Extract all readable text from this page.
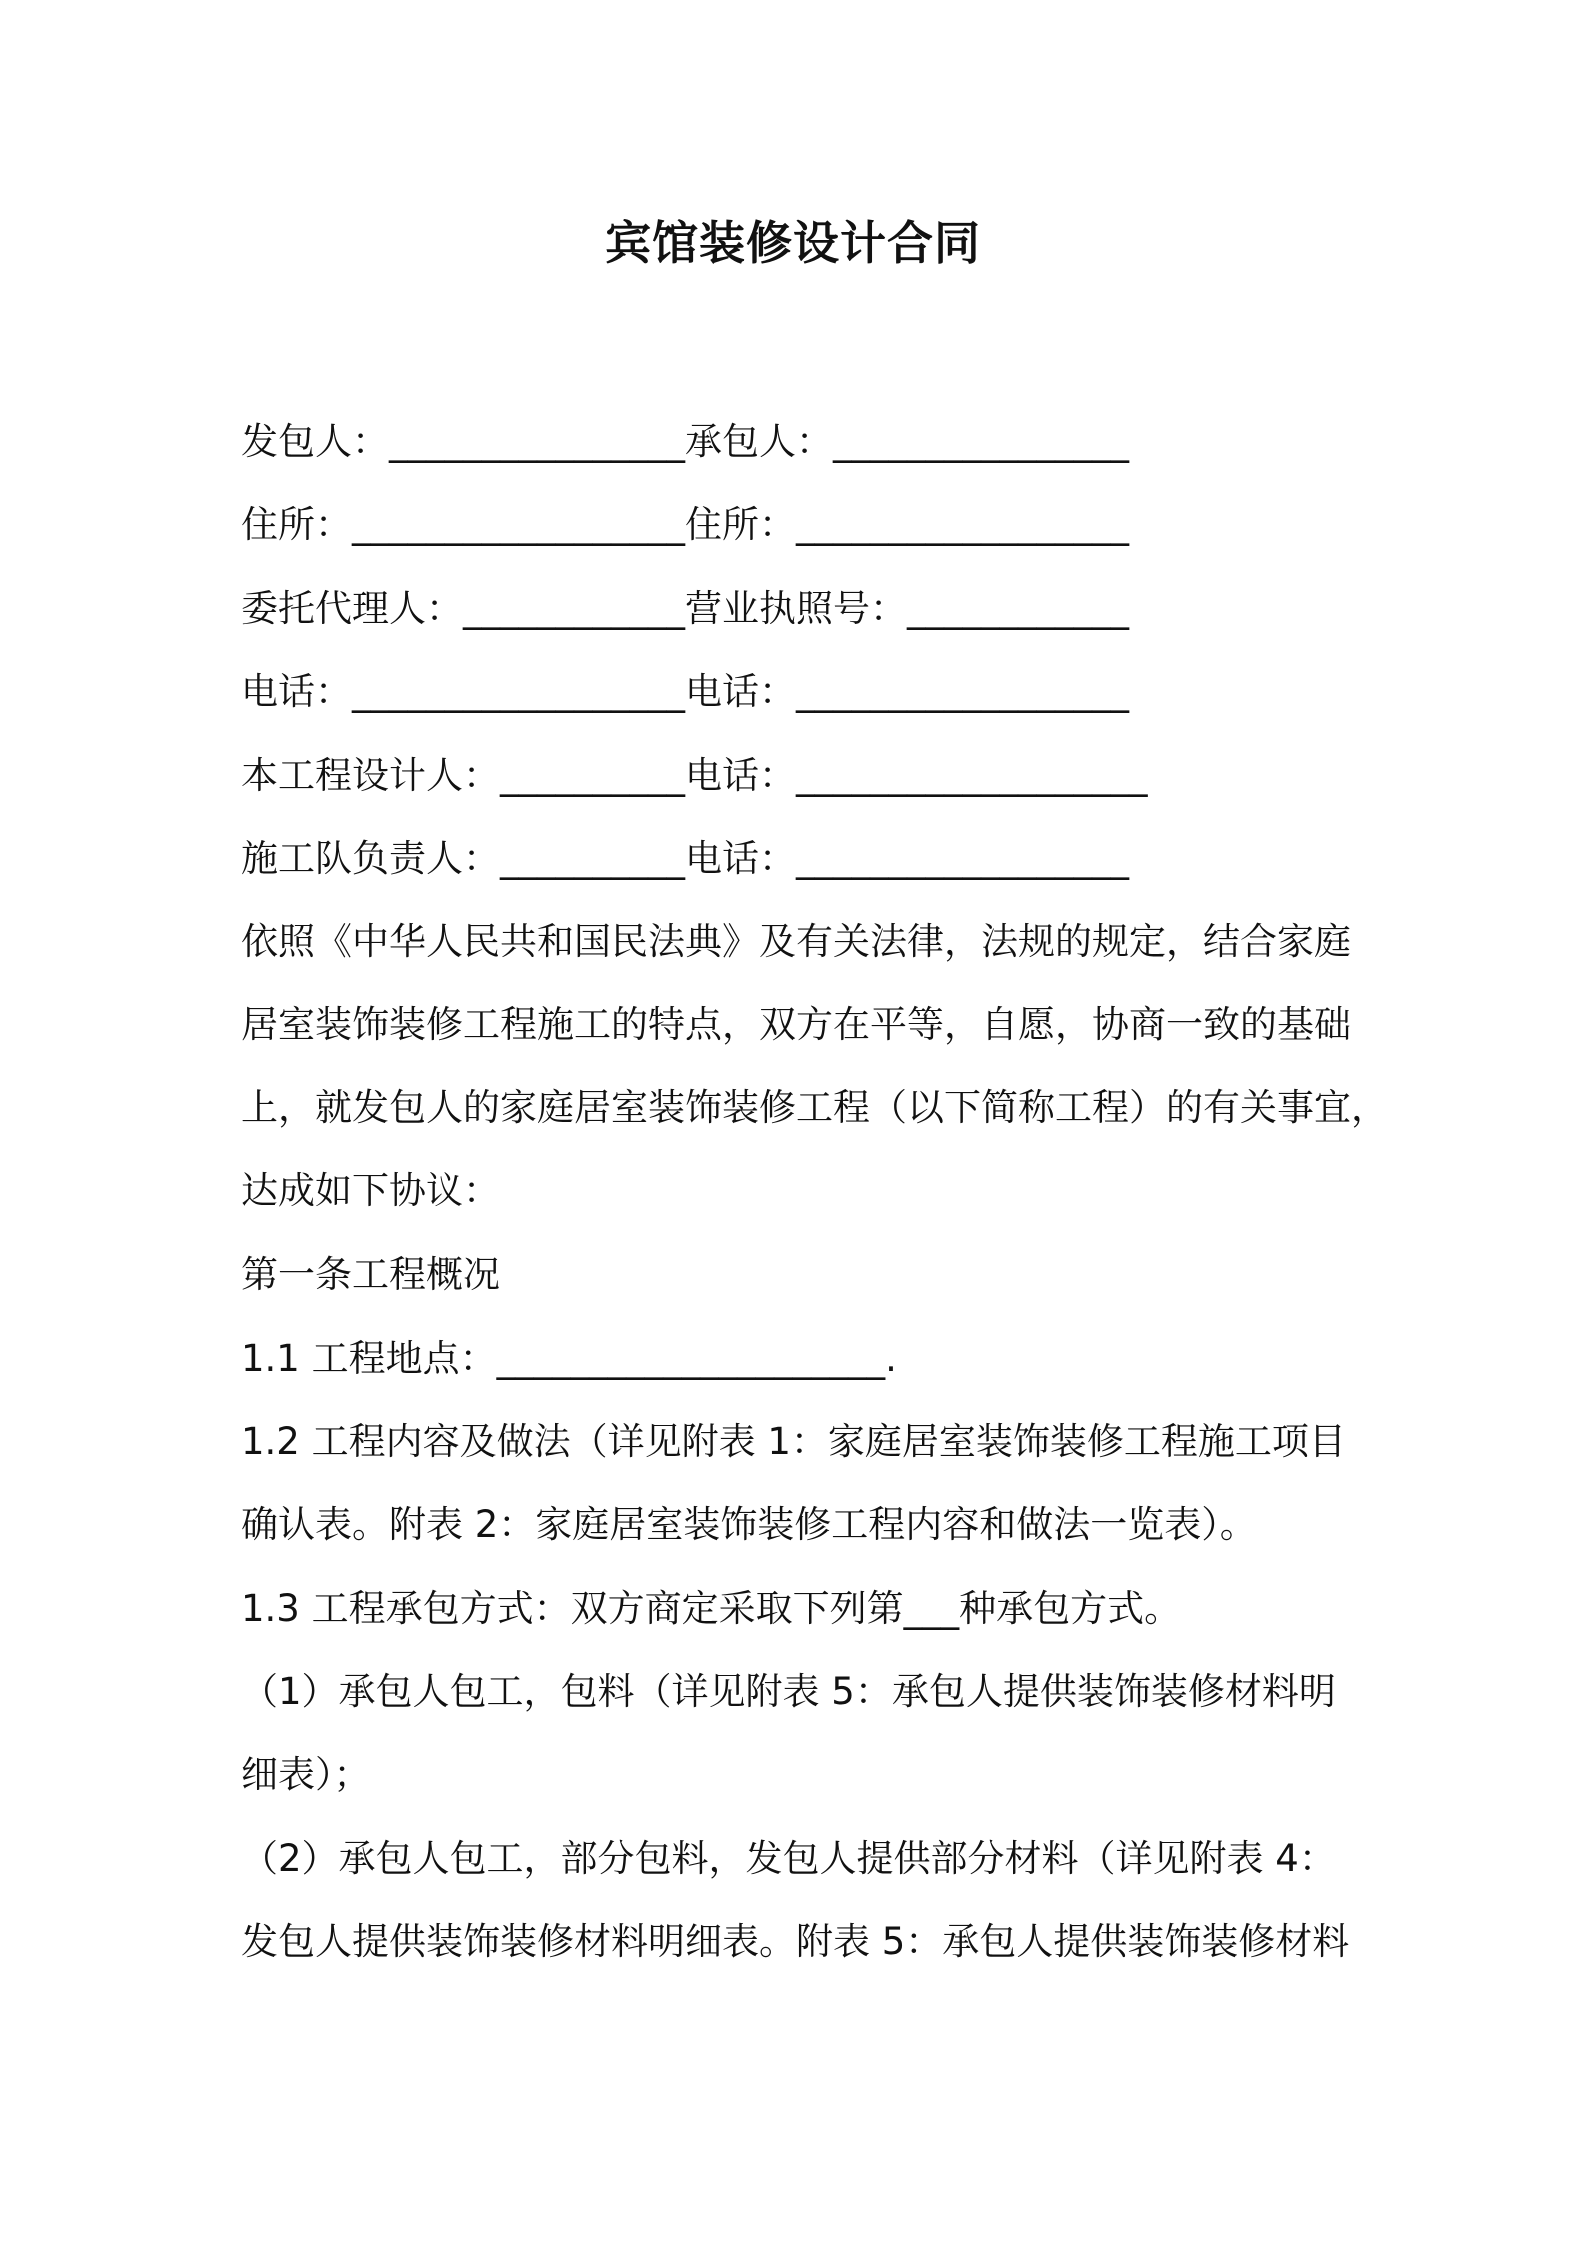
宾馆装修设计合同
发包人：________________承包人：________________
住所：__________________住所：__________________
委托代理人：____________营业执照号：____________
电话：__________________电话：__________________
本工程设计人：__________电话：___________________
施工队负责人：__________电话：__________________
依照《中华人民共和国民法典》及有关法律，法规的规定，结合家庭
居室装饰装修工程施工的特点，双方在平等，自愿，协商一致的基础
上，就发包人的家庭居室装饰装修工程（以下简称工程）的有关事宜，
达成如下协议：
第一条工程概况
1.1 工程地点：_____________________.
1.2 工程内容及做法（详见附表 1：家庭居室装饰装修工程施工项目
确认表。附表 2：家庭居室装饰装修工程内容和做法一览表）。
1.3 工程承包方式：双方商定采取下列第___种承包方式。
（1）承包人包工，包料（详见附表 5：承包人提供装饰装修材料明
细表）；
（2）承包人包工，部分包料，发包人提供部分材料（详见附表 4：
发包人提供装饰装修材料明细表。附表 5：承包人提供装饰装修材料
